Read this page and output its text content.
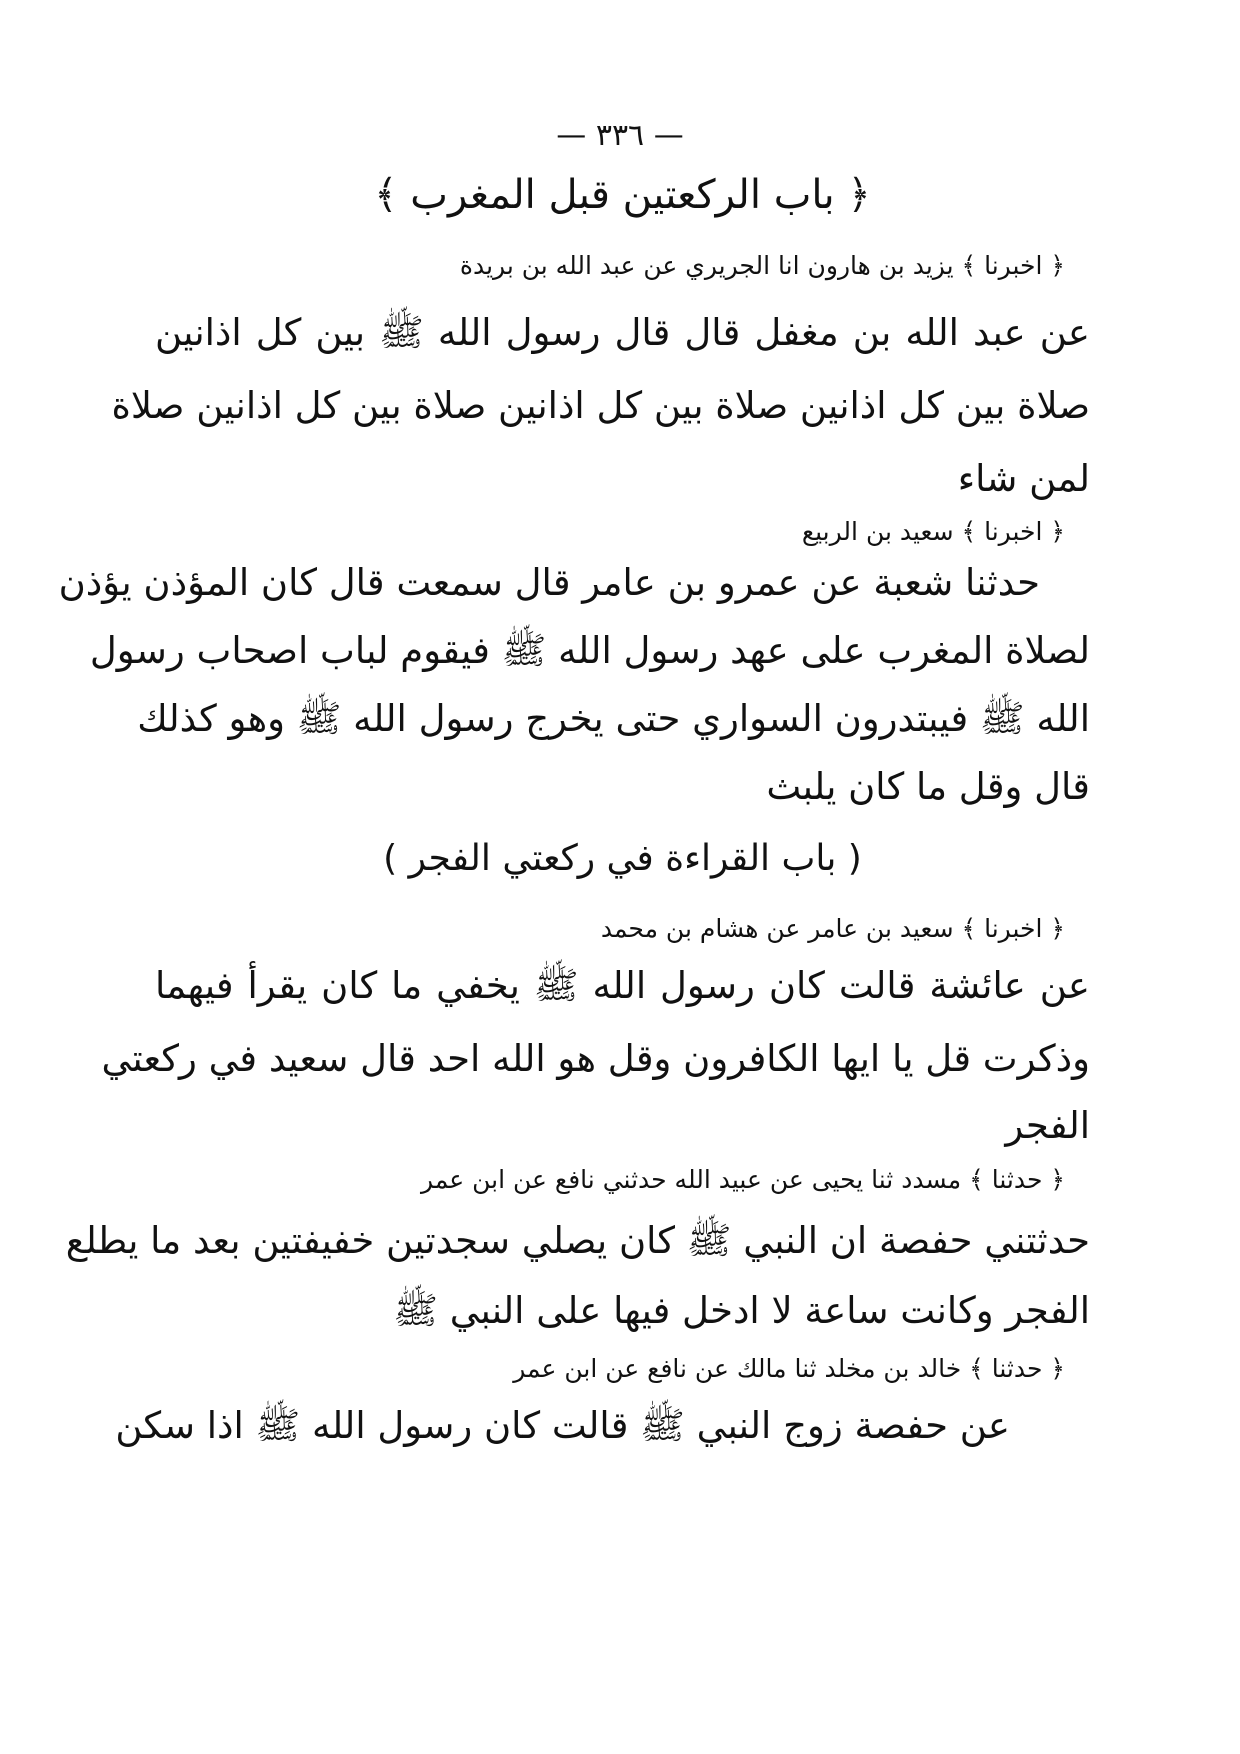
— ٣٣٦ —
﴿ باب الركعتين قبل المغرب ﴾
﴿ اخبرنا ﴾ يزيد بن هارون انا الجريري عن عبد الله بن بريدة
عن عبد الله بن مغفل قال قال رسول الله ﷺ بين كل اذانين
صلاة بين كل اذانين صلاة بين كل اذانين صلاة بين كل اذانين صلاة
لمن شاء
﴿ اخبرنا ﴾ سعيد بن الربيع
حدثنا شعبة عن عمرو بن عامر قال سمعت قال كان المؤذن يؤذن
لصلاة المغرب على عهد رسول الله ﷺ فيقوم لباب اصحاب رسول
الله ﷺ فيبتدرون السواري حتى يخرج رسول الله ﷺ وهو كذلك
قال وقل ما كان يلبث
( باب القراءة في ركعتي الفجر )
﴿ اخبرنا ﴾ سعيد بن عامر عن هشام بن محمد
عن عائشة قالت كان رسول الله ﷺ يخفي ما كان يقرأ فيهما
وذكرت قل يا ايها الكافرون وقل هو الله احد قال سعيد في ركعتي
الفجر
﴿ حدثنا ﴾ مسدد ثنا يحيى عن عبيد الله حدثني نافع عن ابن عمر
حدثتني حفصة ان النبي ﷺ كان يصلي سجدتين خفيفتين بعد ما يطلع
الفجر وكانت ساعة لا ادخل فيها على النبي ﷺ
﴿ حدثنا ﴾ خالد بن مخلد ثنا مالك عن نافع عن ابن عمر
عن حفصة زوج النبي ﷺ قالت كان رسول الله ﷺ اذا سكن
